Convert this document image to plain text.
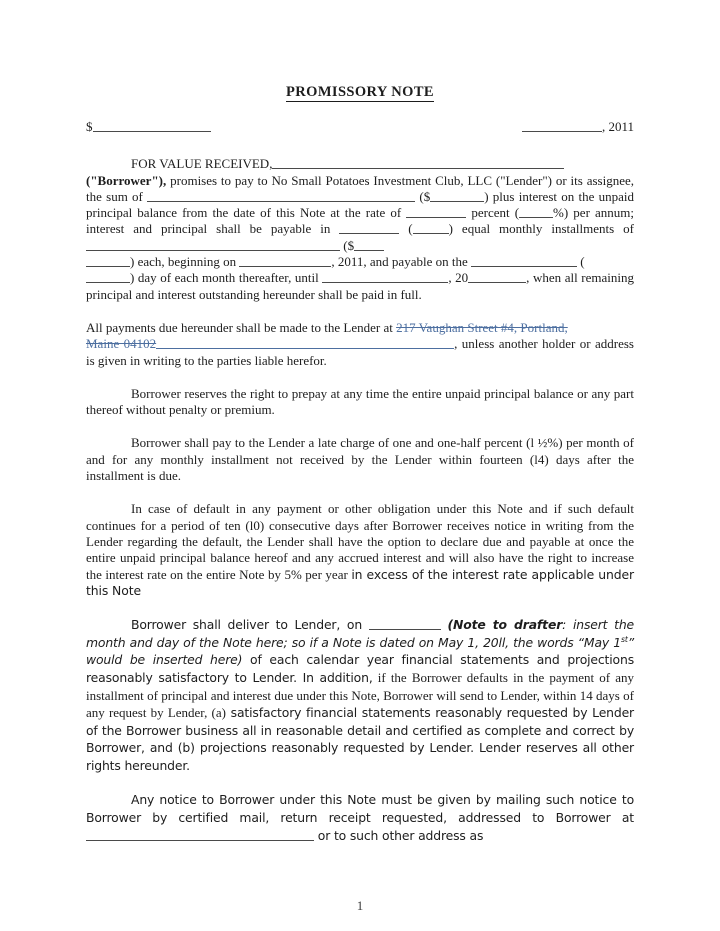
PROMISSORY NOTE
$	, 2011

FOR VALUE RECEIVED,
("Borrower"), promises to pay to No Small Potatoes Investment Club, LLC ("Lender") or its assignee, the sum of	($	) plus interest on the unpaid principal balance from the date of this Note at the rate of	percent (	%) per annum; interest and principal shall be payable in	(	) equal monthly installments of  ($
) each, beginning on	, 2011, and payable on the	(
) day of each month thereafter, until	, 20	, when all remaining principal and interest outstanding hereunder shall be paid in full.

All payments due hereunder shall be made to the Lender at 217 Vaughan Street #4, Portland,
Maine 04102	, unless another holder or address is given in writing to the parties liable herefor.

Borrower reserves the right to prepay at any time the entire unpaid principal balance or any part thereof without penalty or premium.

Borrower shall pay to the Lender a late charge of one and one-half percent (l ½%) per month of and for any monthly installment not received by the Lender within fourteen (l4) days after the installment is due.

In case of default in any payment or other obligation under this Note and if such default continues for a period of ten (l0) consecutive days after Borrower receives notice in writing from the Lender regarding the default, the Lender shall have the option to declare due and payable at once the entire unpaid principal balance hereof and any accrued interest and will also have the right to increase the interest rate on the entire Note by 5% per year in excess of the interest rate applicable under this Note

Borrower shall deliver to Lender, on	(Note to drafter: insert the month and day of the Note here; so if a Note is dated on May 1, 20ll, the words “May 1st” would be inserted here) of each calendar year financial statements and projections reasonably satisfactory to Lender. In addition, if the Borrower defaults in the payment of any installment of principal and interest due under this Note, Borrower will send to Lender, within 14 days of any request by Lender, (a) satisfactory financial statements reasonably requested by Lender of the Borrower business all in reasonable detail and certified as complete and correct by Borrower, and (b) projections reasonably requested by Lender. Lender reserves all other rights hereunder.

Any notice to Borrower under this Note must be given by mailing such notice to Borrower by certified mail, return receipt requested, addressed to Borrower at or to such other address as

1
